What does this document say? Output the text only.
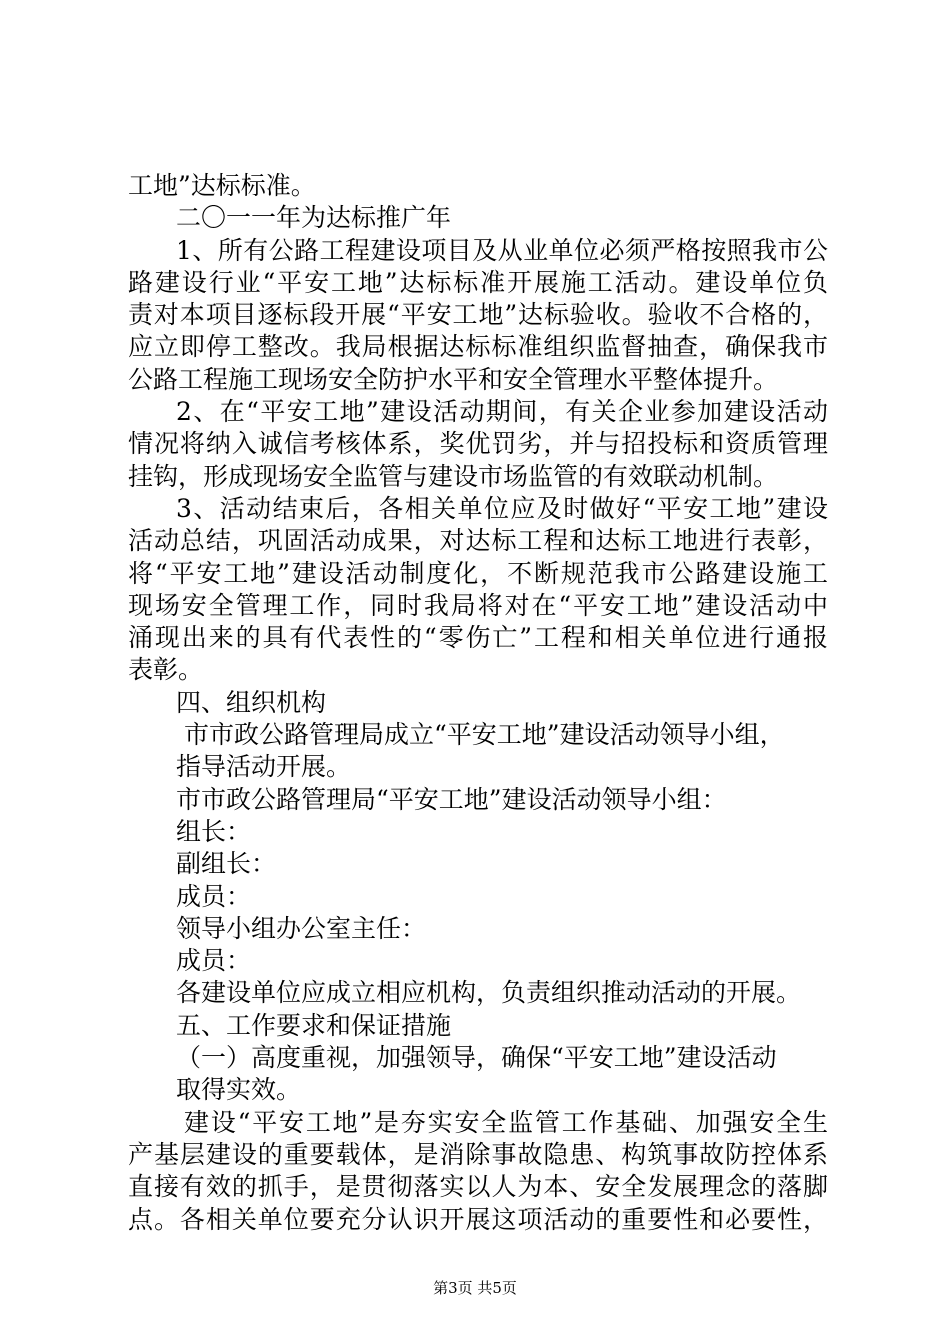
工地”达标标准。
二〇一一年为达标推广年
1、所有公路工程建设项目及从业单位必须严格按照我市公
路建设行业“平安工地”达标标准开展施工活动。建设单位负
责对本项目逐标段开展“平安工地”达标验收。验收不合格的，
应立即停工整改。我局根据达标标准组织监督抽查，确保我市
公路工程施工现场安全防护水平和安全管理水平整体提升。
2、在“平安工地”建设活动期间，有关企业参加建设活动
情况将纳入诚信考核体系，奖优罚劣，并与招投标和资质管理
挂钩，形成现场安全监管与建设市场监管的有效联动机制。
3、活动结束后，各相关单位应及时做好“平安工地”建设
活动总结，巩固活动成果，对达标工程和达标工地进行表彰，
将“平安工地”建设活动制度化，不断规范我市公路建设施工
现场安全管理工作，同时我局将对在“平安工地”建设活动中
涌现出来的具有代表性的“零伤亡”工程和相关单位进行通报
表彰。
四、组织机构
市市政公路管理局成立“平安工地”建设活动领导小组，
指导活动开展。
市市政公路管理局“平安工地”建设活动领导小组：
组长：
副组长：
成员：
领导小组办公室主任：
成员：
各建设单位应成立相应机构，负责组织推动活动的开展。
五、工作要求和保证措施
（一）高度重视，加强领导，确保“平安工地”建设活动
取得实效。
建设“平安工地”是夯实安全监管工作基础、加强安全生
产基层建设的重要载体，是消除事故隐患、构筑事故防控体系
直接有效的抓手，是贯彻落实以人为本、安全发展理念的落脚
点。各相关单位要充分认识开展这项活动的重要性和必要性，
第3页 共5页
